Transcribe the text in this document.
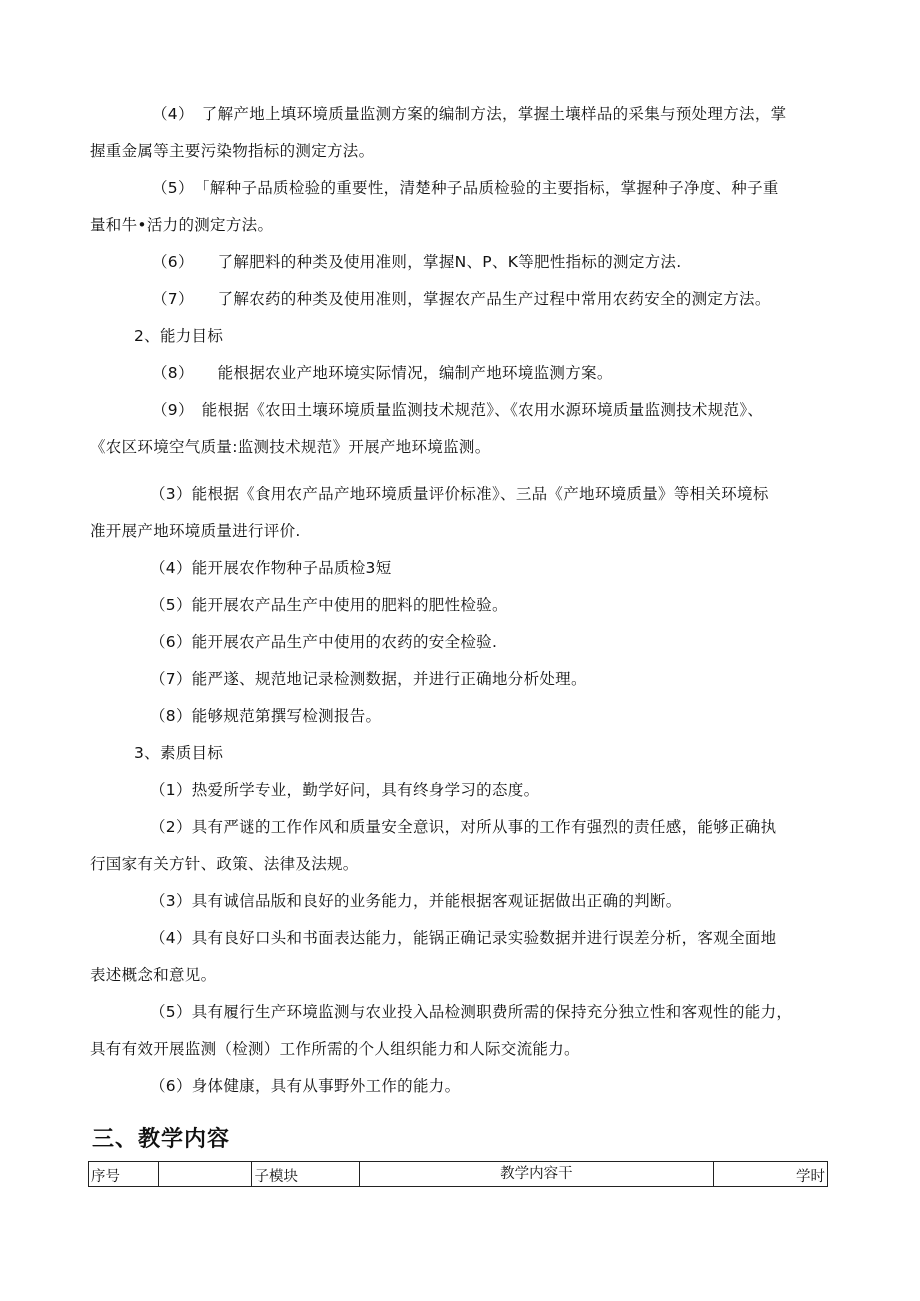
（4）　了解产地上填环境质量监测方案的编制方法，掌握土壤样品的采集与预处理方法，掌
握重金属等主要污染物指标的测定方法。
（5）　「解种子品质检验的重要性，清楚种子品质检验的主要指标，掌握种子净度、种子重
量和牛•活力的测定方法。
（6）　　了解肥料的种类及使用准则，掌握N、P、K等肥性指标的测定方法.
（7）　　了解农药的种类及使用准则，掌握农产品生产过程中常用农药安全的测定方法。
2、能力目标
（8）　　能根据农业产地环境实际情况，编制产地环境监测方案。
（9）　能根据《农田土壤环境质量监测技术规范》、《农用水源环境质量监测技术规范》、
《农区环境空气质量:监测技术规范》开展产地环境监测。
（3）能根据《食用农产品产地环境质量评价标准》、三品《产地环境质量》等相关环境标
准开展产地环境质量进行评价.
（4）能开展农作物种子品质检3短
（5）能开展农产品生产中使用的肥料的肥性检验。
（6）能开展农产品生产中使用的农药的安全检验.
（7）能严遂、规范地记录检测数据，并进行正确地分析处理。
（8）能够规范第撰写检测报告。
3、素质目标
（1）热爱所学专业，勤学好问，具有终身学习的态度。
（2）具有严谜的工作作风和质量安全意识，对所从事的工作有强烈的责任感，能够正确执
行国家有关方针、政策、法律及法规。
（3）具有诚信品版和良好的业务能力，并能根据客观证据做出正确的判断。
（4）具有良好口头和书面表达能力，能锅正确记录实验数据并进行误差分析，客观全面地
表述概念和意见。
（5）具有履行生产环境监测与农业投入品检测职费所需的保持充分独立性和客观性的能力，
具有有效开展监测（检测）工作所需的个人组织能力和人际交流能力。
（6）身体健康，具有从事野外工作的能力。
三、教学内容
序号		子模块	教学内容干	学时
